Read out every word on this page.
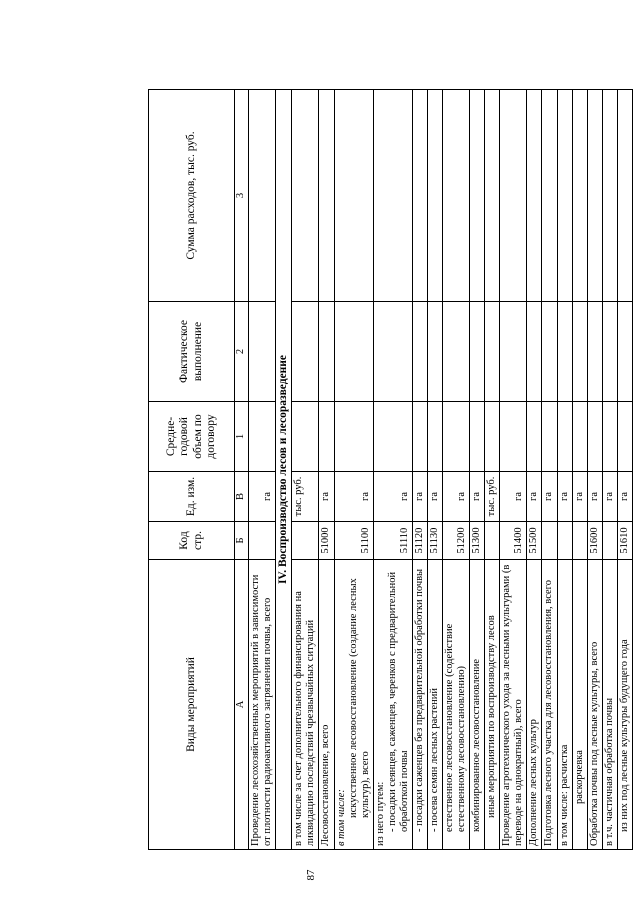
Виды мероприятий	Код стр.	Ед. изм.	Средне-годовой объем по договору	Фактическое выполнение	Сумма расходов, тыс. руб.
А	Б	В	1	2	3
Проведение лесохозяйственных мероприятий в зависимости от плотности радиоактивного загрязнения почвы, всего		га			
IV. Воспроизводство лесов и лесоразведение					
в том числе за счет дополнительного финансирования на ликвидацию последствий чрезвычайных ситуаций		тыс. руб.			
Лесовосстановление, всего	51000	га			
в том числе: искусственное лесовосстановление (создание лесных культур), всего	51100	га			
из него путем: - посадки сеянцев, саженцев, черенков с предварительной обработкой почвы	51110	га			

- посадки саженцев без предварительной обработки почвы	51120	га			

- посева семян лесных растений	51130	га			

естественное лесовосстановление (содействие естественному лесовосстановлению)	51200	га			

комбинированное лесовосстановление	51300	га			

иные мероприятия по воспроизводству лесов		тыс. руб.			
Проведение агротехнического ухода за лесными культурами (в переводе на однократный), всего	51400	га			
Дополнение лесных культур	51500	га			
Подготовка лесного участка для лесовосстановления, всего		га			
в том числе: расчистка		га			

раскорчевка		га			
Обработка почвы под лесные культуры, всего	51600	га			
в т.ч. частичная обработка почвы		га			

из них под лесные культуры будущего года	51610	га			
87
